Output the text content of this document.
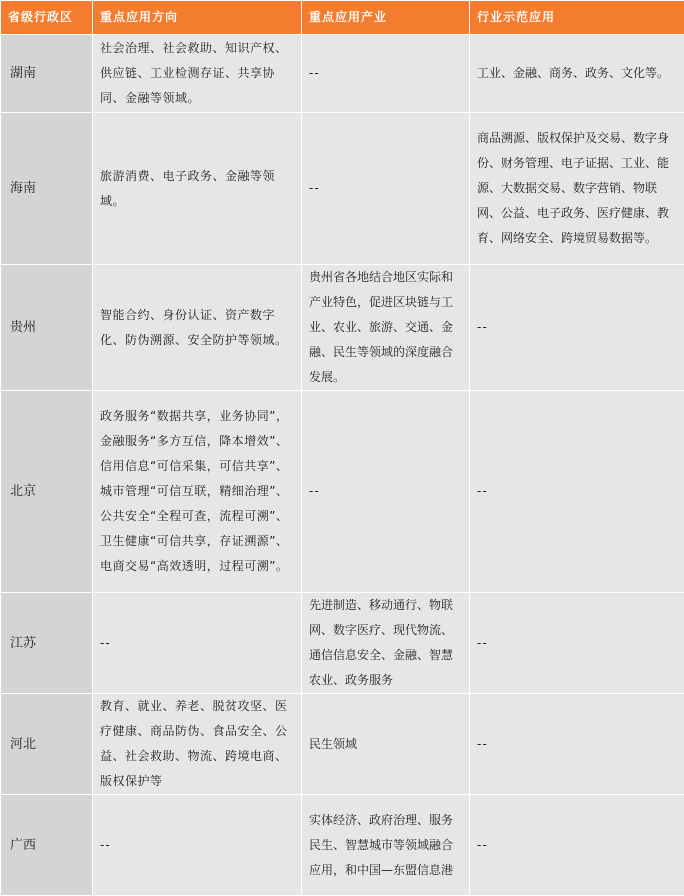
省级行政区	重点应用方向	重点应用产业	行业示范应用
湖南	社会治理、社会救助、知识产权、供应链、工业检测存证、共享协同、金融等领域。	--	工业、金融、商务、政务、文化等。
海南	旅游消费、电子政务、金融等领域。	--	商品溯源、版权保护及交易、数字身份、财务管理、电子证据、工业、能源、大数据交易、数字营销、物联网、公益、电子政务、医疗健康、教育、网络安全、跨境贸易数据等。
贵州	智能合约、身份认证、资产数字化、防伪溯源、安全防护等领域。	贵州省各地结合地区实际和产业特色，促进区块链与工业、农业、旅游、交通、金融、民生等领域的深度融合发展。	--
北京	政务服务“数据共享，业务协同”，金融服务“多方互信，降本增效”、信用信息“可信采集，可信共享”、城市管理“可信互联，精细治理”、公共安全“全程可查，流程可溯”、卫生健康“可信共享，存证溯源”、电商交易“高效透明，过程可溯”。	--	--
江苏	--	先进制造、移动通行、物联网、数字医疗、现代物流、通信信息安全、金融、智慧农业、政务服务	--
河北	教育、就业、养老、脱贫攻坚、医疗健康、商品防伪、食品安全、公益、社会救助、物流、跨境电商、版权保护等	民生领域	--
广西	--	实体经济、政府治理、服务民生、智慧城市等领域融合应用，和中国—东盟信息港	--
